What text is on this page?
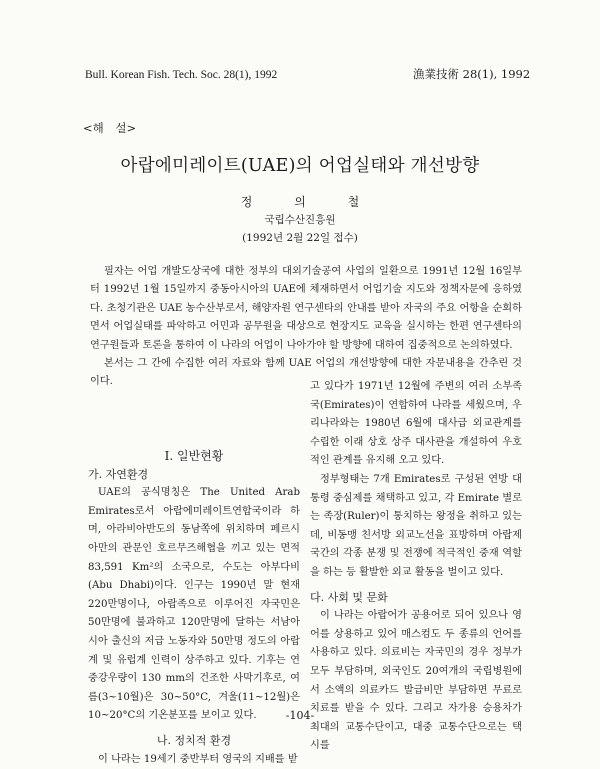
Bull. Korean Fish. Tech. Soc. 28(1), 1992	漁業技術 28(1), 1992
<해 설>
아랍에미레이트(UAE)의 어업실태와 개선방향
정 의 철
국립수산진흥원
(1992년 2월 22일 접수)

필자는 어업 개발도상국에 대한 정부의 대외기술공여 사업의 일환으로 1991년 12월 16일부터 1992년 1월 15일까지 중동아시아의 UAE에 체재하면서 어업기술 지도와 정책자문에 응하였다. 초청기관은 UAE 농수산부로서, 해양자원 연구센타의 안내를 받아 자국의 주요 어항을 순회하면서 어업실태를 파악하고 어민과 공무원을 대상으로 현장지도 교육을 실시하는 한편 연구센타의 연구원들과 토론을 통하여 이 나라의 어업이 나아가야 할 방향에 대하여 집중적으로 논의하였다.

본서는 그 간에 수집한 여러 자료와 함께 UAE 어업의 개선방향에 대한 자문내용을 간추린 것이다.

I. 일반현황

가. 자연환경

UAE의 공식명칭은 The United Arab Emirates로서 아랍에미레이트연합국이라 하며, 아라비아반도의 동남쪽에 위치하며 페르시아만의 관문인 호르무즈해협을 끼고 있는 면적 83,591 Km²의 소국으로, 수도는 아부다비(Abu Dhabi)이다. 인구는 1990년 말 현재 220만명이나, 아랍족으로 이루어진 자국민은 50만명에 불과하고 120만명에 달하는 서남아시아 출신의 저급 노동자와 50만명 정도의 아랍계 및 유럽계 인력이 상주하고 있다. 기후는 연중강우량이 130 mm의 건조한 사막기후로, 여름(3~10월)은 30~50°C, 겨울(11~12월)은 10~20°C의 기온분포를 보이고 있다.

나. 정치적 환경

이 나라는 19세기 중반부터 영국의 지배를 받

고 있다가 1971년 12월에 주변의 여러 소부족국(Emirates)이 연합하여 나라를 세웠으며, 우리나라와는 1980년 6월에 대사급 외교관계를 수립한 이래 상호 상주 대사관을 개설하여 우호적인 관계를 유지해 오고 있다.

정부형태는 7개 Emirates로 구성된 연방 대통령 중심제를 채택하고 있고, 각 Emirate 별로는 족장(Ruler)이 통치하는 왕정을 취하고 있는데, 비동맹 친서방 외교노선을 표방하며 아랍제국간의 각종 분쟁 및 전쟁에 적극적인 중재 역할을 하는 등 활발한 외교 활동을 벌이고 있다.

다. 사회 및 문화

이 나라는 아랍어가 공용어로 되어 있으나 영어를 상용하고 있어 매스컴도 두 종류의 언어를 사용하고 있다. 의료비는 자국민의 경우 정부가 모두 부담하며, 외국인도 20여개의 국립병원에서 소액의 의료카드 발급비만 부담하면 무료로 치료를 받을 수 있다. 그리고 자가용 승용차가 최대의 교통수단이고, 대중 교통수단으로는 택시를

-104-
